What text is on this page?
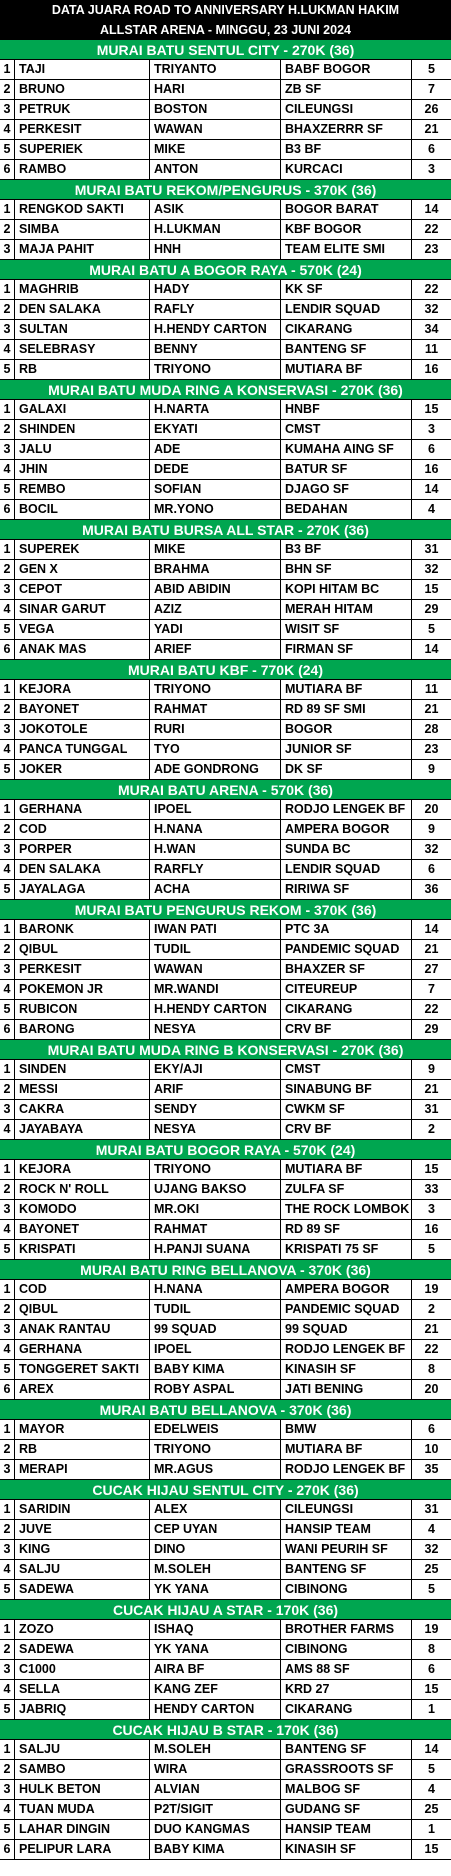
DATA JUARA ROAD TO ANNIVERSARY H.LUKMAN HAKIM
ALLSTAR ARENA - MINGGU, 23 JUNI 2024
MURAI BATU SENTUL CITY - 270K (36)
1 TAJI	TRIYANTO	BABF BOGOR	5
2 BRUNO	HARI	ZB SF	7
3 PETRUK	BOSTON	CILEUNGSI	26
4 PERKESIT	WAWAN	BHAXZERRR SF	21
5 SUPERIEK	MIKE	B3 BF	6
6 RAMBO	ANTON	KURCACI	3
MURAI BATU REKOM/PENGURUS - 370K (36)
1 RENGKOD SAKTI	ASIK	BOGOR BARAT	14
2 SIMBA	H.LUKMAN	KBF BOGOR	22
3 MAJA PAHIT	HNH	TEAM ELITE SMI	23
MURAI BATU A BOGOR RAYA - 570K (24)
1 MAGHRIB	HADY	KK SF	22
2 DEN SALAKA	RAFLY	LENDIR SQUAD	32
3 SULTAN	H.HENDY CARTON	CIKARANG	34
4 SELEBRASY	BENNY	BANTENG SF	11
5 RB	TRIYONO	MUTIARA BF	16
MURAI BATU MUDA RING A KONSERVASI - 270K (36)
1 GALAXI	H.NARTA	HNBF	15
2 SHINDEN	EKYATI	CMST	3
3 JALU	ADE	KUMAHA AING SF	6
4 JHIN	DEDE	BATUR SF	16
5 REMBO	SOFIAN	DJAGO SF	14
6 BOCIL	MR.YONO	BEDAHAN	4
MURAI BATU BURSA ALL STAR - 270K (36)
1 SUPEREK	MIKE	B3 BF	31
2 GEN X	BRAHMA	BHN SF	32
3 CEPOT	ABID ABIDIN	KOPI HITAM BC	15
4 SINAR GARUT	AZIZ	MERAH HITAM	29
5 VEGA	YADI	WISIT SF	5
6 ANAK MAS	ARIEF	FIRMAN SF	14
MURAI BATU KBF - 770K (24)
1 KEJORA	TRIYONO	MUTIARA BF	11
2 BAYONET	RAHMAT	RD 89 SF SMI	21
3 JOKOTOLE	RURI	BOGOR	28
4 PANCA TUNGGAL	TYO	JUNIOR SF	23
5 JOKER	ADE GONDRONG	DK SF	9
MURAI BATU ARENA - 570K (36)
1 GERHANA	IPOEL	RODJO LENGEK BF	20
2 COD	H.NANA	AMPERA BOGOR	9
3 PORPER	H.WAN	SUNDA BC	32
4 DEN SALAKA	RARFLY	LENDIR SQUAD	6
5 JAYALAGA	ACHA	RIRIWA SF	36
MURAI BATU PENGURUS REKOM - 370K (36)
1 BARONK	IWAN PATI	PTC 3A	14
2 QIBUL	TUDIL	PANDEMIC SQUAD	21
3 PERKESIT	WAWAN	BHAXZER SF	27
4 POKEMON JR	MR.WANDI	CITEUREUP	7
5 RUBICON	H.HENDY CARTON	CIKARANG	22
6 BARONG	NESYA	CRV BF	29
MURAI BATU MUDA RING B KONSERVASI - 270K (36)
1 SINDEN	EKY/AJI	CMST	9
2 MESSI	ARIF	SINABUNG BF	21
3 CAKRA	SENDY	CWKM SF	31
4 JAYABAYA	NESYA	CRV BF	2
MURAI BATU BOGOR RAYA - 570K (24)
1 KEJORA	TRIYONO	MUTIARA BF	15
2 ROCK N' ROLL	UJANG BAKSO	ZULFA SF	33
3 KOMODO	MR.OKI	THE ROCK LOMBOK	3
4 BAYONET	RAHMAT	RD 89 SF	16
5 KRISPATI	H.PANJI SUANA	KRISPATI 75 SF	5
MURAI BATU RING BELLANOVA - 370K (36)
1 COD	H.NANA	AMPERA BOGOR	19
2 QIBUL	TUDIL	PANDEMIC SQUAD	2
3 ANAK RANTAU	99 SQUAD	99 SQUAD	21
4 GERHANA	IPOEL	RODJO LENGEK BF	22
5 TONGGERET SAKTI	BABY KIMA	KINASIH SF	8
6 AREX	ROBY ASPAL	JATI BENING	20
MURAI BATU BELLANOVA - 370K (36)
1 MAYOR	EDELWEIS	BMW	6
2 RB	TRIYONO	MUTIARA BF	10
3 MERAPI	MR.AGUS	RODJO LENGEK BF	35
CUCAK HIJAU SENTUL CITY - 270K (36)
1 SARIDIN	ALEX	CILEUNGSI	31
2 JUVE	CEP UYAN	HANSIP TEAM	4
3 KING	DINO	WANI PEURIH SF	32
4 SALJU	M.SOLEH	BANTENG SF	25
5 SADEWA	YK YANA	CIBINONG	5
CUCAK HIJAU A STAR - 170K (36)
1 ZOZO	ISHAQ	BROTHER FARMS	19
2 SADEWA	YK YANA	CIBINONG	8
3 C1000	AIRA BF	AMS 88 SF	6
4 SELLA	KANG ZEF	KRD 27	15
5 JABRIQ	HENDY CARTON	CIKARANG	1
CUCAK HIJAU B STAR - 170K (36)
1 SALJU	M.SOLEH	BANTENG SF	14
2 SAMBO	WIRA	GRASSROOTS SF	5
3 HULK BETON	ALVIAN	MALBOG SF	4
4 TUAN MUDA	P2T/SIGIT	GUDANG SF	25
5 LAHAR DINGIN	DUO KANGMAS	HANSIP TEAM	1
6 PELIPUR LARA	BABY KIMA	KINASIH SF	15
